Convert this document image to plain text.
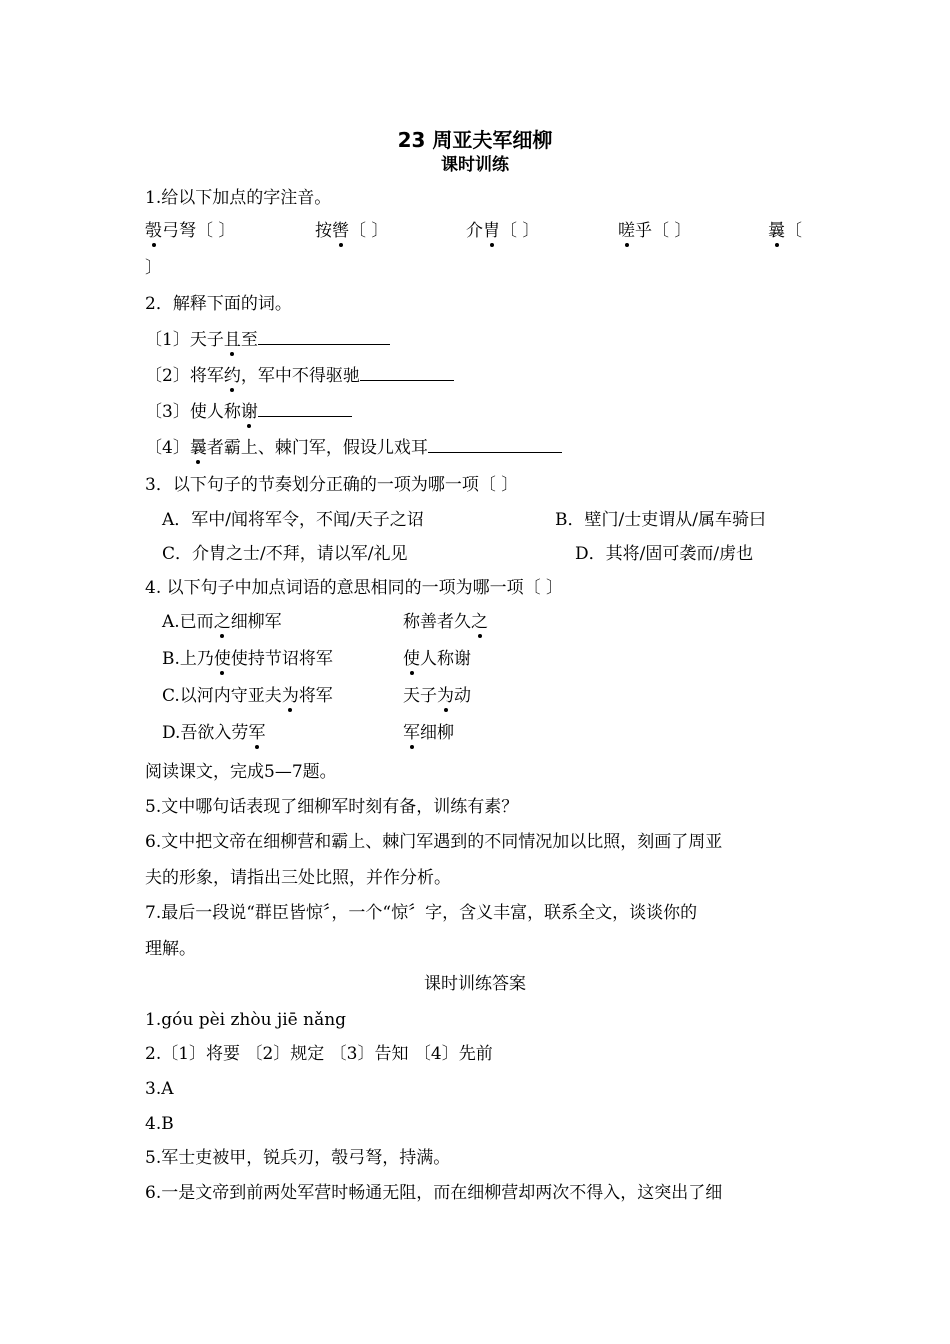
23 周亚夫军细柳
课时训练
1.给以下加点的字注音。
彀弓弩〔 〕	按辔〔 〕	介胄〔 〕	嗟乎〔 〕	曩〔
〕
2．解释下面的词。
〔1〕天子且至
〔2〕将军约，军中不得驱驰
〔3〕使人称谢
〔4〕曩者霸上、棘门军，假设儿戏耳
3．以下句子的节奏划分正确的一项为哪一项〔 〕
A．军中/闻将军令，不闻/天子之诏	B．壁门/士吏谓从/属车骑曰
C．介胄之士/不拜，请以军/礼见	D．其将/固可袭而/虏也
4. 以下句子中加点词语的意思相同的一项为哪一项〔 〕
A.已而之细柳军	称善者久之
B.上乃使使持节诏将军	使人称谢
C.以河内守亚夫为将军	天子为动
D.吾欲入劳军	军细柳
阅读课文，完成5—7题。
5.文中哪句话表现了细柳军时刻有备，训练有素？
6.文中把文帝在细柳营和霸上、棘门军遇到的不同情况加以比照，刻画了周亚
夫的形象，请指出三处比照，并作分析。
7.最后一段说“群臣皆惊〞，一个“惊〞字，含义丰富，联系全文，谈谈你的
理解。
课时训练答案
1.góu pèi zhòu jiē nǎng
2.〔1〕将要 〔2〕规定 〔3〕告知 〔4〕先前
3.A
4.B
5.军士吏被甲，锐兵刃，彀弓弩，持满。
6.一是文帝到前两处军营时畅通无阻，而在细柳营却两次不得入，这突出了细
